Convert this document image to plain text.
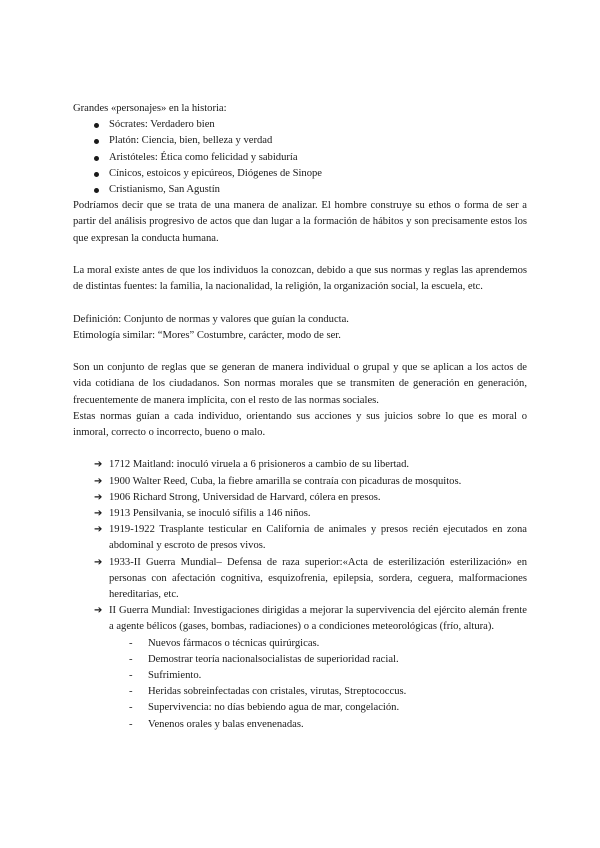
Grandes «personajes» en la historia:

Sócrates: Verdadero bien
Platón: Ciencia, bien, belleza y verdad
Aristóteles: Ética como felicidad y sabiduría
Cínicos, estoicos y epicúreos, Diógenes de Sinope
Cristianismo, San Agustín

Podríamos decir que se trata de una manera de analizar. El hombre construye su ethos o forma de ser a partir del análisis progresivo de actos que dan lugar a la formación de hábitos y son precisamente estos los que expresan la conducta humana.

La moral existe antes de que los individuos la conozcan, debido a que sus normas y reglas las aprendemos de distintas fuentes: la familia, la nacionalidad, la religión, la organización social, la escuela, etc.

Definición: Conjunto de normas y valores que guían la conducta.

Etimología similar: “Mores” Costumbre, carácter, modo de ser.

Son un conjunto de reglas que se generan de manera individual o grupal y que se aplican a los actos de vida cotidiana de los ciudadanos. Son normas morales que se transmiten de generación en generación, frecuentemente de manera implícita, con el resto de las normas sociales.

Estas normas guían a cada individuo, orientando sus acciones y sus juicios sobre lo que es moral o inmoral, correcto o incorrecto, bueno o malo.

➔ 1712 Maitland: inoculó viruela a 6 prisioneros a cambio de su libertad.
➔ 1900 Walter Reed, Cuba, la fiebre amarilla se contraía con picaduras de mosquitos.
➔ 1906 Richard Strong, Universidad de Harvard, cólera en presos.
➔ 1913 Pensilvania, se inoculó sífilis a 146 niños.
➔ 1919-1922 Trasplante testicular en California de animales y presos recién ejecutados en zona abdominal y escroto de presos vivos.
➔ 1933-II Guerra Mundial– Defensa de raza superior:«Acta de esterilización esterilización» en personas con afectación cognitiva, esquizofrenia, epilepsia, sordera, ceguera, malformaciones hereditarias, etc.
➔ II Guerra Mundial: Investigaciones dirigidas a mejorar la supervivencia del ejército alemán frente a agente bélicos (gases, bombas, radiaciones) o a condiciones meteorológicas (frío, altura).
- Nuevos fármacos o técnicas quirúrgicas.
- Demostrar teoría nacionalsocialistas de superioridad racial.
- Sufrimiento.
- Heridas sobreinfectadas con cristales, virutas, Streptococcus.
- Supervivencia: no días bebiendo agua de mar, congelación.
- Venenos orales y balas envenenadas.
